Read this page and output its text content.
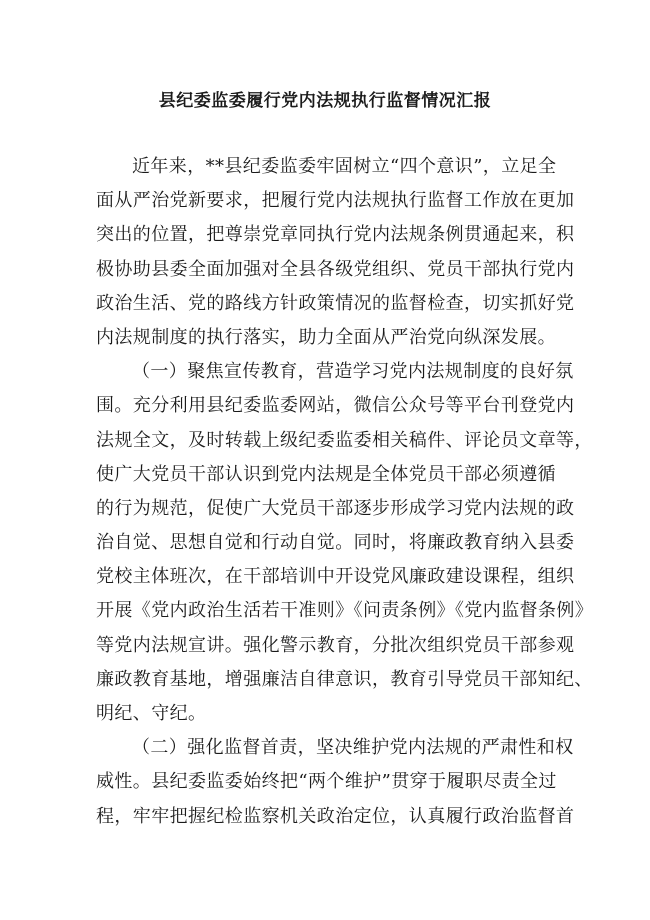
县纪委监委履行党内法规执行监督情况汇报
近年来，**县纪委监委牢固树立“四个意识”，立足全
面从严治党新要求，把履行党内法规执行监督工作放在更加
突出的位置，把尊崇党章同执行党内法规条例贯通起来，积
极协助县委全面加强对全县各级党组织、党员干部执行党内
政治生活、党的路线方针政策情况的监督检查，切实抓好党
内法规制度的执行落实，助力全面从严治党向纵深发展。
（一）聚焦宣传教育，营造学习党内法规制度的良好氛
围。充分利用县纪委监委网站，微信公众号等平台刊登党内
法规全文，及时转载上级纪委监委相关稿件、评论员文章等，
使广大党员干部认识到党内法规是全体党员干部必须遵循
的行为规范，促使广大党员干部逐步形成学习党内法规的政
治自觉、思想自觉和行动自觉。同时，将廉政教育纳入县委
党校主体班次，在干部培训中开设党风廉政建设课程，组织
开展《党内政治生活若干准则》《问责条例》《党内监督条例》
等党内法规宣讲。强化警示教育，分批次组织党员干部参观
廉政教育基地，增强廉洁自律意识，教育引导党员干部知纪、
明纪、守纪。
（二）强化监督首责，坚决维护党内法规的严肃性和权
威性。县纪委监委始终把“两个维护”贯穿于履职尽责全过
程，牢牢把握纪检监察机关政治定位，认真履行政治监督首
